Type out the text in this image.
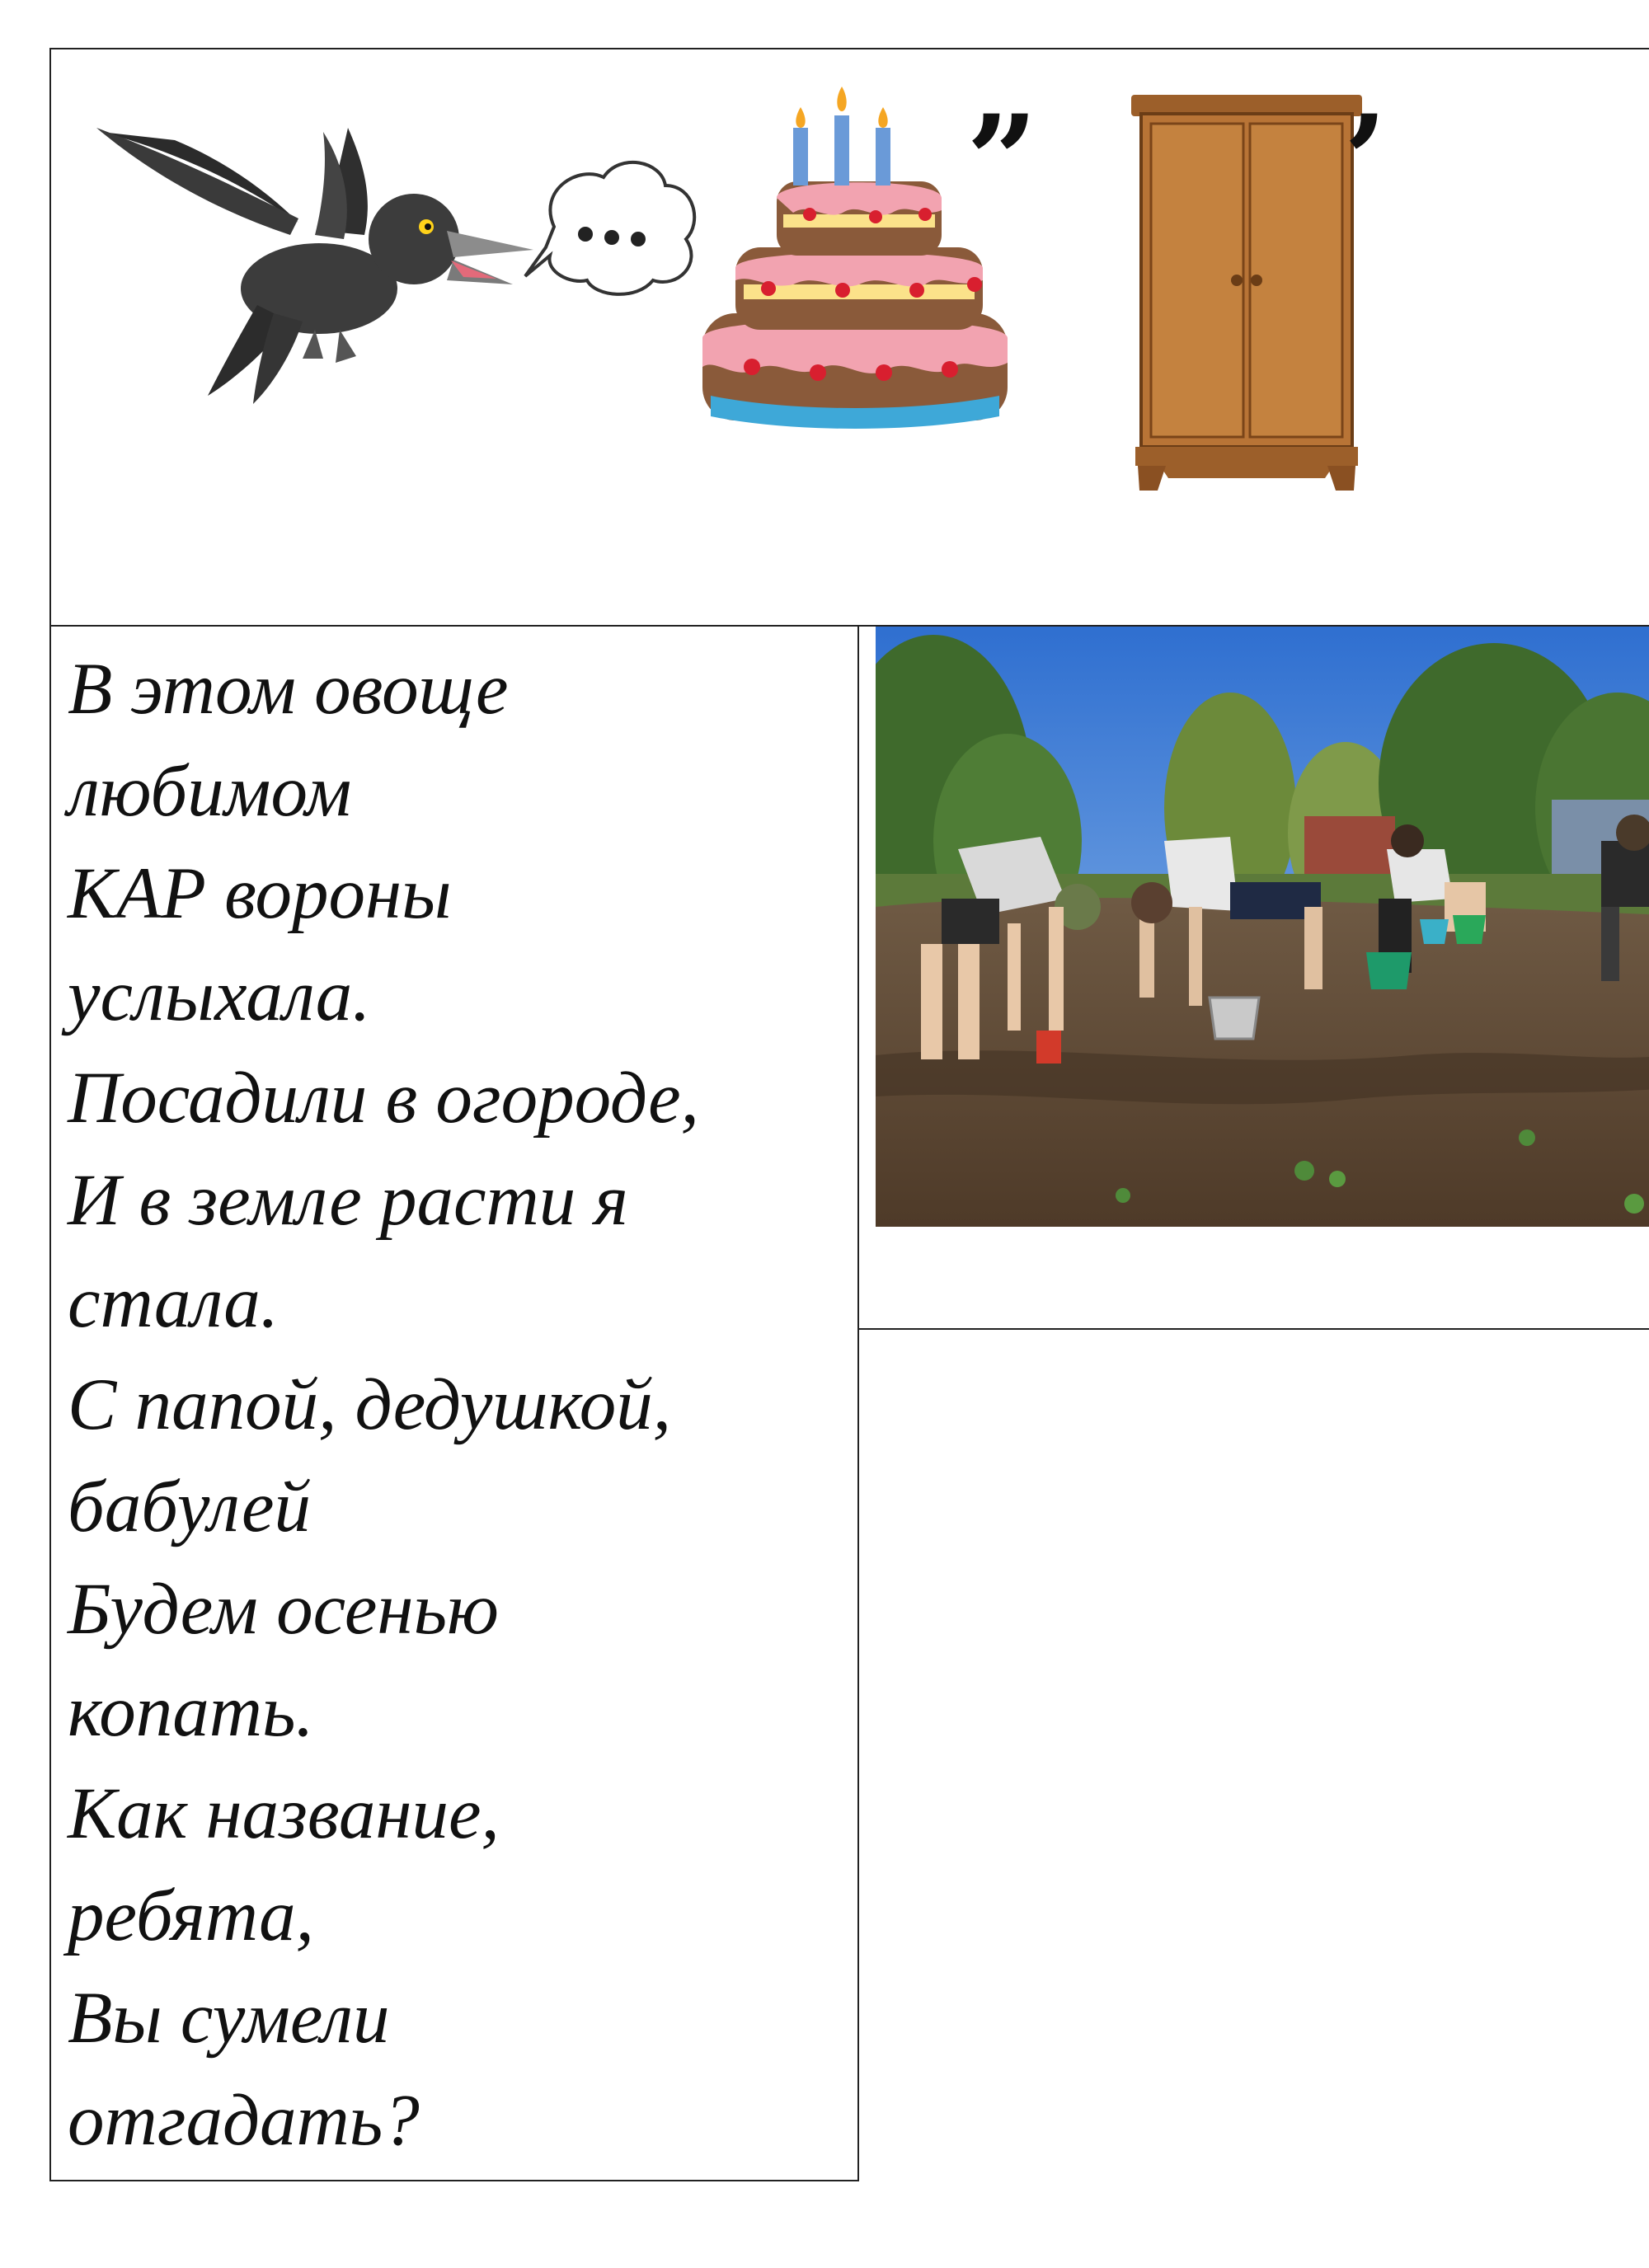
’’	’

В этом овоще
любимом
КАР вороны
услыхала.
Посадили в огороде,
И в земле расти я
стала.
С папой, дедушкой,
бабулей
Будем осенью
копать.
Как название,
ребята,
Вы сумели
отгадать?
